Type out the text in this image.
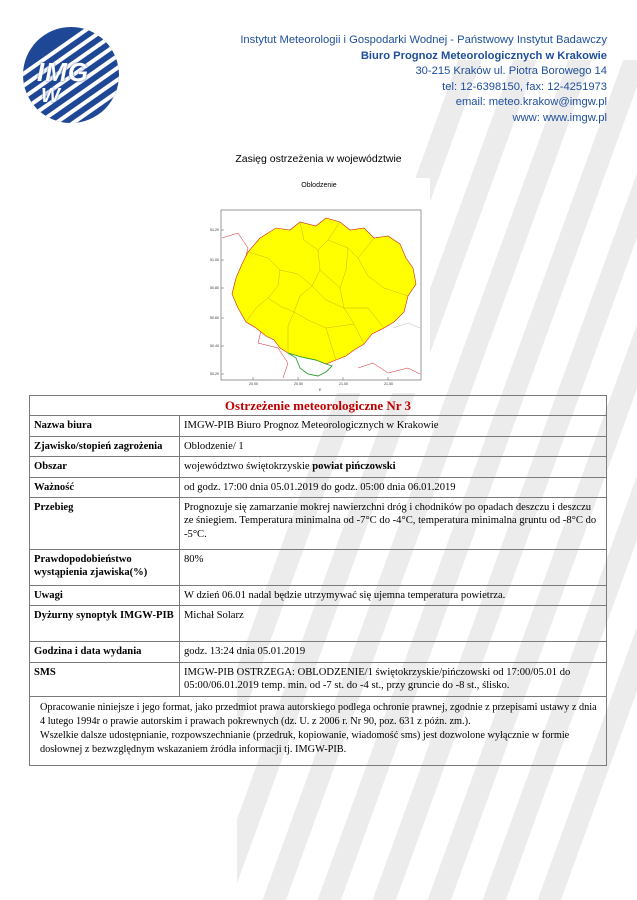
IMG
W
Instytut Meteorologii i Gospodarki Wodnej - Państwowy Instytut Badawczy
Biuro Prognoz Meteorologicznych w Krakowie
30-215 Kraków ul. Piotra Borowego 14
tel: 12-6398150, fax: 12-4251973
email: meteo.krakow@imgw.pl
www: www.imgw.pl
Zasięg ostrzeżenia w województwie
51.20
51.00
50.80
50.60
50.40
50.20
20.00	20.50	21.00	21.50
E
Oblodzenie
Ostrzeżenie meteorologiczne Nr 3	
Nazwa biura	IMGW-PIB Biuro Prognoz Meteorologicznych w Krakowie
Zjawisko/stopień zagrożenia	Oblodzenie/ 1
Obszar	województwo świętokrzyskie powiat pińczowski
Ważność	od godz. 17:00 dnia 05.01.2019 do godz. 05:00 dnia 06.01.2019
Przebieg	Prognozuje się zamarzanie mokrej nawierzchni dróg i chodników po opadach deszczu i deszczu ze śniegiem. Temperatura minimalna od -7°C do -4°C, temperatura minimalna gruntu od -8°C do -5°C.
Prawdopodobieństwo wystąpienia zjawiska(%)	80%
Uwagi	W dzień 06.01 nadal będzie utrzymywać się ujemna temperatura powietrza.
Dyżurny synoptyk IMGW-PIB	Michał Solarz
Godzina i data wydania	godz. 13:24 dnia 05.01.2019
SMS	IMGW-PIB OSTRZEGA: OBLODZENIE/1 świętokrzyskie/pińczowski od 17:00/05.01 do 05:00/06.01.2019 temp. min. od -7 st. do -4 st., przy gruncie do -8 st., ślisko.

Opracowanie niniejsze i jego format, jako przedmiot prawa autorskiego podlega ochronie prawnej, zgodnie z przepisami ustawy z dnia 4 lutego 1994r o prawie autorskim i prawach pokrewnych (dz. U. z 2006 r. Nr 90, poz. 631 z późn. zm.).
Wszelkie dalsze udostępnianie, rozpowszechnianie (przedruk, kopiowanie, wiadomość sms) jest dozwolone wyłącznie w formie dosłownej z bezwzględnym wskazaniem źródła informacji tj. IMGW-PIB.	
